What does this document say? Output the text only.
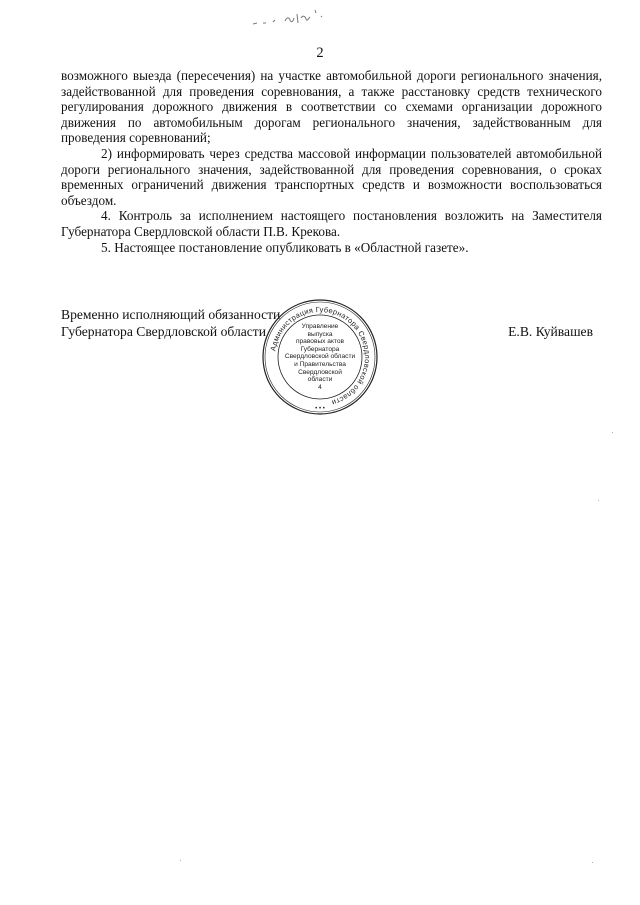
2

возможного выезда (пересечения) на участке автомобильной дороги регионального значения, задействованной для проведения соревнования, а также расстановку средств технического регулирования дорожного движения в соответствии со схемами организации дорожного движения по автомобильным дорогам регионального значения, задействованным для проведения соревнований;

2) информировать через средства массовой информации пользователей автомобильной дороги регионального значения, задействованной для проведения соревнования, о сроках временных ограничений движения транспортных средств и возможности воспользоваться объездом.

4. Контроль за исполнением настоящего постановления возложить на Заместителя Губернатора Свердловской области П.В. Крекова.

5. Настоящее постановление опубликовать в «Областной газете».

Временно исполняющий обязанности
Губернатора Свердловской области	Е.В. Куйвашев
Администрация Губернатора Свердловской области
• • •
Управление
выпуска
правовых актов
Губернатора
Свердловской области
и Правительства
Свердловской
области
4
